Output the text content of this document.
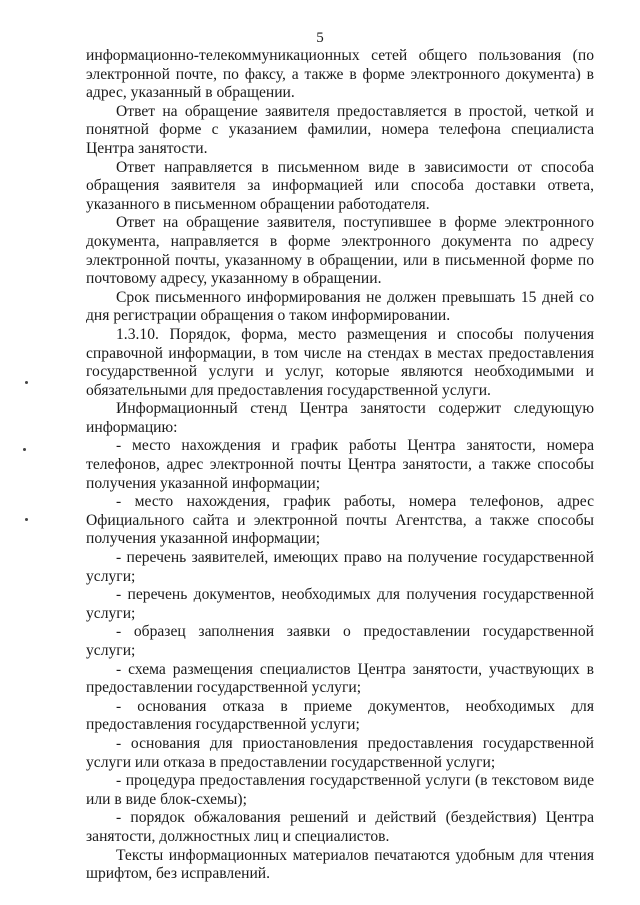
5

информационно-телекоммуникационных сетей общего пользования (по электронной почте, по факсу, а также в форме электронного документа) в адрес, указанный в обращении.

Ответ на обращение заявителя предоставляется в простой, четкой и понятной форме с указанием фамилии, номера телефона специалиста Центра занятости.

Ответ направляется в письменном виде в зависимости от способа обращения заявителя за информацией или способа доставки ответа, указанного в письменном обращении работодателя.

Ответ на обращение заявителя, поступившее в форме электронного документа, направляется в форме электронного документа по адресу электронной почты, указанному в обращении, или в письменной форме по почтовому адресу, указанному в обращении.

Срок письменного информирования не должен превышать 15 дней со дня регистрации обращения о таком информировании.

1.3.10. Порядок, форма, место размещения и способы получения справочной информации, в том числе на стендах в местах предоставления государственной услуги и услуг, которые являются необходимыми и обязательными для предоставления государственной услуги.

Информационный стенд Центра занятости содержит следующую информацию:

- место нахождения и график работы Центра занятости, номера телефонов, адрес электронной почты Центра занятости, а также способы получения указанной информации;

- место нахождения, график работы, номера телефонов, адрес Официального сайта и электронной почты Агентства, а также способы получения указанной информации;

- перечень заявителей, имеющих право на получение государственной услуги;

- перечень документов, необходимых для получения государственной услуги;

- образец заполнения заявки о предоставлении государственной услуги;

- схема размещения специалистов Центра занятости, участвующих в предоставлении государственной услуги;

- основания отказа в приеме документов, необходимых для предоставления государственной услуги;

- основания для приостановления предоставления государственной услуги или отказа в предоставлении государственной услуги;

- процедура предоставления государственной услуги (в текстовом виде или в виде блок-схемы);

- порядок обжалования решений и действий (бездействия) Центра занятости, должностных лиц и специалистов.

Тексты информационных материалов печатаются удобным для чтения шрифтом, без исправлений.
